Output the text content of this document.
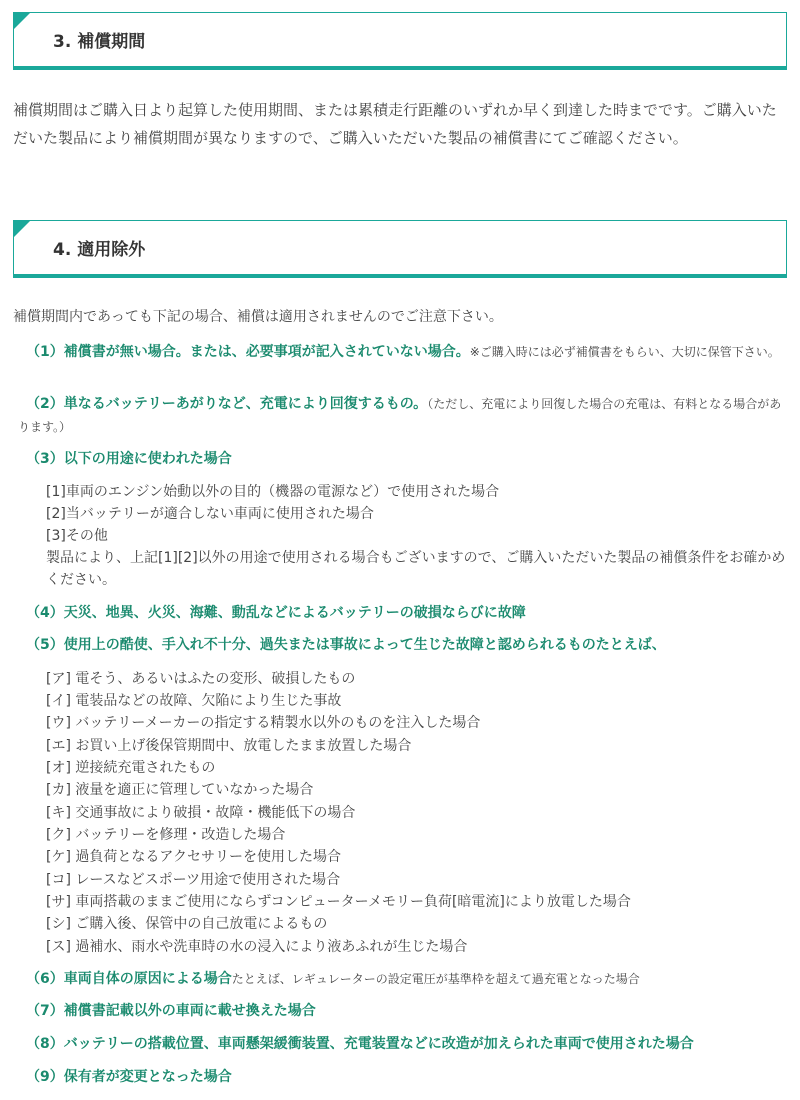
3. 補償期間
補償期間はご購入日より起算した使用期間、または累積走行距離のいずれか早く到達した時までです。ご購入いただいた製品により補償期間が異なりますので、ご購入いただいた製品の補償書にてご確認ください。
4. 適用除外
補償期間内であっても下記の場合、補償は適用されませんのでご注意下さい。
（1）補償書が無い場合。または、必要事項が記入されていない場合。※ご購入時には必ず補償書をもらい、大切に保管下さい。
（2）単なるバッテリーあがりなど、充電により回復するもの。（ただし、充電により回復した場合の充電は、有料となる場合があります。）
（3）以下の用途に使われた場合
[1]車両のエンジン始動以外の目的（機器の電源など）で使用された場合
[2]当バッテリーが適合しない車両に使用された場合
[3]その他
製品により、上記[1][2]以外の用途で使用される場合もございますので、ご購入いただいた製品の補償条件をお確かめください。
（4）天災、地異、火災、海難、動乱などによるバッテリーの破損ならびに故障
（5）使用上の酷使、手入れ不十分、過失または事故によって生じた故障と認められるものたとえば、
[ア] 電そう、あるいはふたの変形、破損したもの
[イ] 電装品などの故障、欠陥により生じた事故
[ウ] バッテリーメーカーの指定する精製水以外のものを注入した場合
[エ] お買い上げ後保管期間中、放電したまま放置した場合
[オ] 逆接続充電されたもの
[カ] 液量を適正に管理していなかった場合
[キ] 交通事故により破損・故障・機能低下の場合
[ク] バッテリーを修理・改造した場合
[ケ] 過負荷となるアクセサリーを使用した場合
[コ] レースなどスポーツ用途で使用された場合
[サ] 車両搭載のままご使用にならずコンピューターメモリー負荷[暗電流]により放電した場合
[シ] ご購入後、保管中の自己放電によるもの
[ス] 過補水、雨水や洗車時の水の浸入により液あふれが生じた場合
（6）車両自体の原因による場合たとえば、レギュレーターの設定電圧が基準枠を超えて過充電となった場合
（7）補償書記載以外の車両に載せ換えた場合
（8）バッテリーの搭載位置、車両懸架緩衝装置、充電装置などに改造が加えられた車両で使用された場合
（9）保有者が変更となった場合
